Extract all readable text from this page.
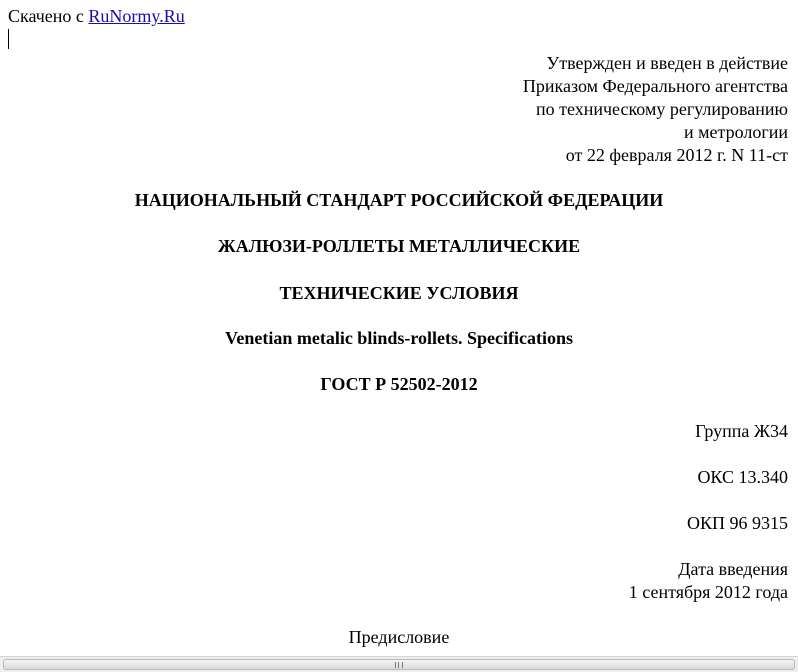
Скачено с RuNormy.Ru
Утвержден и введен в действие
Приказом Федерального агентства
по техническому регулированию
и метрологии
от 22 февраля 2012 г. N 11-ст
НАЦИОНАЛЬНЫЙ СТАНДАРТ РОССИЙСКОЙ ФЕДЕРАЦИИ
ЖАЛЮЗИ-РОЛЛЕТЫ МЕТАЛЛИЧЕСКИЕ
ТЕХНИЧЕСКИЕ УСЛОВИЯ
Venetian metalic blinds-rollets. Specifications
ГОСТ Р 52502-2012
Группа Ж34
ОКС 13.340
ОКП 96 9315
Дата введения
1 сентября 2012 года
Предисловие
